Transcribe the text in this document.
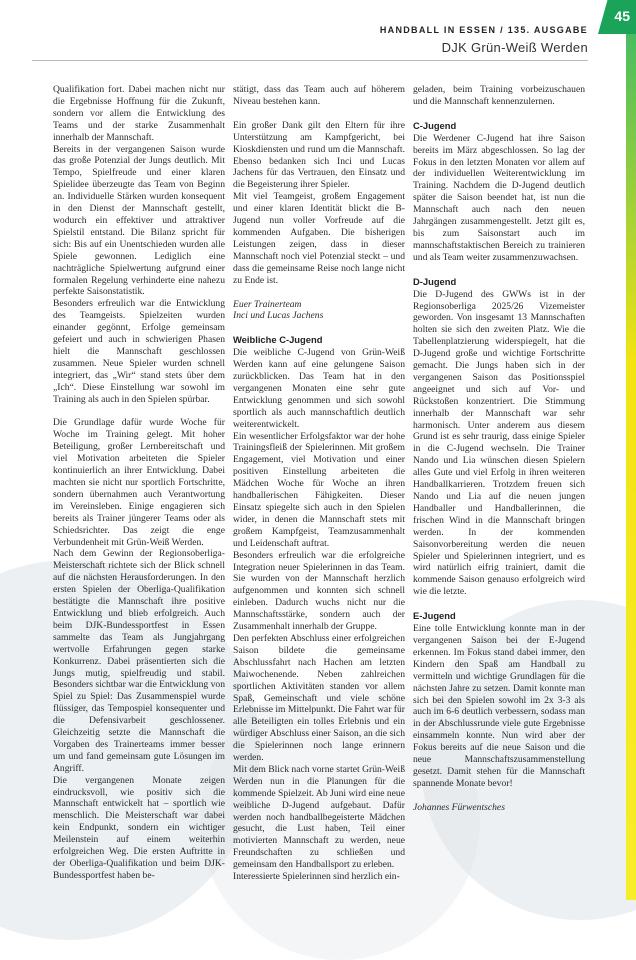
45
HANDBALL IN ESSEN / 135. AUSGABE
DJK Grün-Weiß Werden

Qualifikation fort. Dabei machen nicht nur die Ergebnisse Hoffnung für die Zukunft, sondern vor allem die Entwicklung des Teams und der starke Zusammenhalt innerhalb der Mannschaft.

Bereits in der vergangenen Saison wurde das große Potenzial der Jungs deutlich. Mit Tempo, Spielfreude und einer klaren Spielidee überzeugte das Team von Beginn an. Individuelle Stärken wurden konsequent in den Dienst der Mannschaft gestellt, wodurch ein effektiver und attraktiver Spielstil entstand. Die Bilanz spricht für sich: Bis auf ein Unentschieden wurden alle Spiele gewonnen. Lediglich eine nachträgliche Spielwertung aufgrund einer formalen Regelung verhinderte eine nahezu perfekte Saisonstatistik.

Besonders erfreulich war die Entwicklung des Teamgeists. Spielzeiten wurden einander gegönnt, Erfolge gemeinsam gefeiert und auch in schwierigen Phasen hielt die Mannschaft geschlossen zusammen. Neue Spieler wurden schnell integriert, das „Wir“ stand stets über dem „Ich“. Diese Einstellung war sowohl im Training als auch in den Spielen spürbar.

Die Grundlage dafür wurde Woche für Woche im Training gelegt. Mit hoher Beteiligung, großer Lernbereitschaft und viel Motivation arbeiteten die Spieler kontinuierlich an ihrer Entwicklung. Dabei machten sie nicht nur sportlich Fortschritte, sondern übernahmen auch Verantwortung im Vereinsleben. Einige engagieren sich bereits als Trainer jüngerer Teams oder als Schiedsrichter. Das zeigt die enge Verbundenheit mit Grün-Weiß Werden.

Nach dem Gewinn der Regionsoberliga-Meisterschaft richtete sich der Blick schnell auf die nächsten Herausforderungen. In den ersten Spielen der Oberliga-Qualifikation bestätigte die Mannschaft ihre positive Entwicklung und blieb erfolgreich. Auch beim DJK-Bundessportfest in Essen sammelte das Team als Jungjahrgang wertvolle Erfahrungen gegen starke Konkurrenz. Dabei präsentierten sich die Jungs mutig, spielfreudig und stabil. Besonders sichtbar war die Entwicklung von Spiel zu Spiel: Das Zusammenspiel wurde flüssiger, das Tempospiel konsequenter und die Defensivarbeit geschlossener. Gleichzeitig setzte die Mannschaft die Vorgaben des Trainerteams immer besser um und fand gemeinsam gute Lösungen im Angriff.

Die vergangenen Monate zeigen eindrucksvoll, wie positiv sich die Mannschaft entwickelt hat – sportlich wie menschlich. Die Meisterschaft war dabei kein Endpunkt, sondern ein wichtiger Meilenstein auf einem weiterhin erfolgreichen Weg. Die ersten Auftritte in der Oberliga-Qualifikation und beim DJK-Bundessportfest haben be-

stätigt, dass das Team auch auf höherem Niveau bestehen kann.

Ein großer Dank gilt den Eltern für ihre Unterstützung am Kampfgericht, bei Kioskdiensten und rund um die Mannschaft. Ebenso bedanken sich Inci und Lucas Jachens für das Vertrauen, den Einsatz und die Begeisterung ihrer Spieler.

Mit viel Teamgeist, großem Engagement und einer klaren Identität blickt die B-Jugend nun voller Vorfreude auf die kommenden Aufgaben. Die bisherigen Leistungen zeigen, dass in dieser Mannschaft noch viel Potenzial steckt – und dass die gemeinsame Reise noch lange nicht zu Ende ist.

Euer Trainerteam

Inci und Lucas Jachens

Weibliche C-Jugend

Die weibliche C-Jugend von Grün-Weiß Werden kann auf eine gelungene Saison zurückblicken. Das Team hat in den vergangenen Monaten eine sehr gute Entwicklung genommen und sich sowohl sportlich als auch mannschaftlich deutlich weiterentwickelt.

Ein wesentlicher Erfolgsfaktor war der hohe Trainingsfleiß der Spielerinnen. Mit großem Engagement, viel Motivation und einer positiven Einstellung arbeiteten die Mädchen Woche für Woche an ihren handballerischen Fähigkeiten. Dieser Einsatz spiegelte sich auch in den Spielen wider, in denen die Mannschaft stets mit großem Kampfgeist, Teamzusammenhalt und Leidenschaft auftrat.

Besonders erfreulich war die erfolgreiche Integration neuer Spielerinnen in das Team. Sie wurden von der Mannschaft herzlich aufgenommen und konnten sich schnell einleben. Dadurch wuchs nicht nur die Mannschaftsstärke, sondern auch der Zusammenhalt innerhalb der Gruppe.

Den perfekten Abschluss einer erfolgreichen Saison bildete die gemeinsame Abschlussfahrt nach Hachen am letzten Maiwochenende. Neben zahlreichen sportlichen Aktivitäten standen vor allem Spaß, Gemeinschaft und viele schöne Erlebnisse im Mittelpunkt. Die Fahrt war für alle Beteiligten ein tolles Erlebnis und ein würdiger Abschluss einer Saison, an die sich die Spielerinnen noch lange erinnern werden.

Mit dem Blick nach vorne startet Grün-Weiß Werden nun in die Planungen für die kommende Spielzeit. Ab Juni wird eine neue weibliche D-Jugend aufgebaut. Dafür werden noch handballbegeisterte Mädchen gesucht, die Lust haben, Teil einer motivierten Mannschaft zu werden, neue Freundschaften zu schließen und gemeinsam den Handballsport zu erleben.

Interessierte Spielerinnen sind herzlich ein-

geladen, beim Training vorbeizuschauen und die Mannschaft kennenzulernen.

C-Jugend

Die Werdener C-Jugend hat ihre Saison bereits im März abgeschlossen. So lag der Fokus in den letzten Monaten vor allem auf der individuellen Weiterentwicklung im Training. Nachdem die D-Jugend deutlich später die Saison beendet hat, ist nun die Mannschaft auch nach den neuen Jahrgängen zusammengestellt. Jetzt gilt es, bis zum Saisonstart auch im mannschaftstaktischen Bereich zu trainieren und als Team weiter zusammenzuwachsen.

D-Jugend

Die D-Jugend des GWWs ist in der Regionsoberliga 2025/26 Vizemeister geworden. Von insgesamt 13 Mannschaften holten sie sich den zweiten Platz. Wie die Tabellenplatzierung widerspiegelt, hat die D-Jugend große und wichtige Fortschritte gemacht. Die Jungs haben sich in der vergangenen Saison das Positionsspiel angeeignet und sich auf Vor- und Rückstoßen konzentriert. Die Stimmung innerhalb der Mannschaft war sehr harmonisch. Unter anderem aus diesem Grund ist es sehr traurig, dass einige Spieler in die C-Jugend wechseln. Die Trainer Nando und Lia wünschen diesen Spielern alles Gute und viel Erfolg in ihren weiteren Handballkarrieren. Trotzdem freuen sich Nando und Lia auf die neuen jungen Handballer und Handballerinnen, die frischen Wind in die Mannschaft bringen werden. In der kommenden Saisonvorbereitung werden die neuen Spieler und Spielerinnen integriert, und es wird natürlich eifrig trainiert, damit die kommende Saison genauso erfolgreich wird wie die letzte.

E-Jugend

Eine tolle Entwicklung konnte man in der vergangenen Saison bei der E-Jugend erkennen. Im Fokus stand dabei immer, den Kindern den Spaß am Handball zu vermitteln und wichtige Grundlagen für die nächsten Jahre zu setzen. Damit konnte man sich bei den Spielen sowohl im 2x 3-3 als auch im 6-6 deutlich verbessern, sodass man in der Abschlussrunde viele gute Ergebnisse einsammeln konnte. Nun wird aber der Fokus bereits auf die neue Saison und die neue Mannschaftszusammenstellung gesetzt. Damit stehen für die Mannschaft spannende Monate bevor!

Johannes Fürwentsches
